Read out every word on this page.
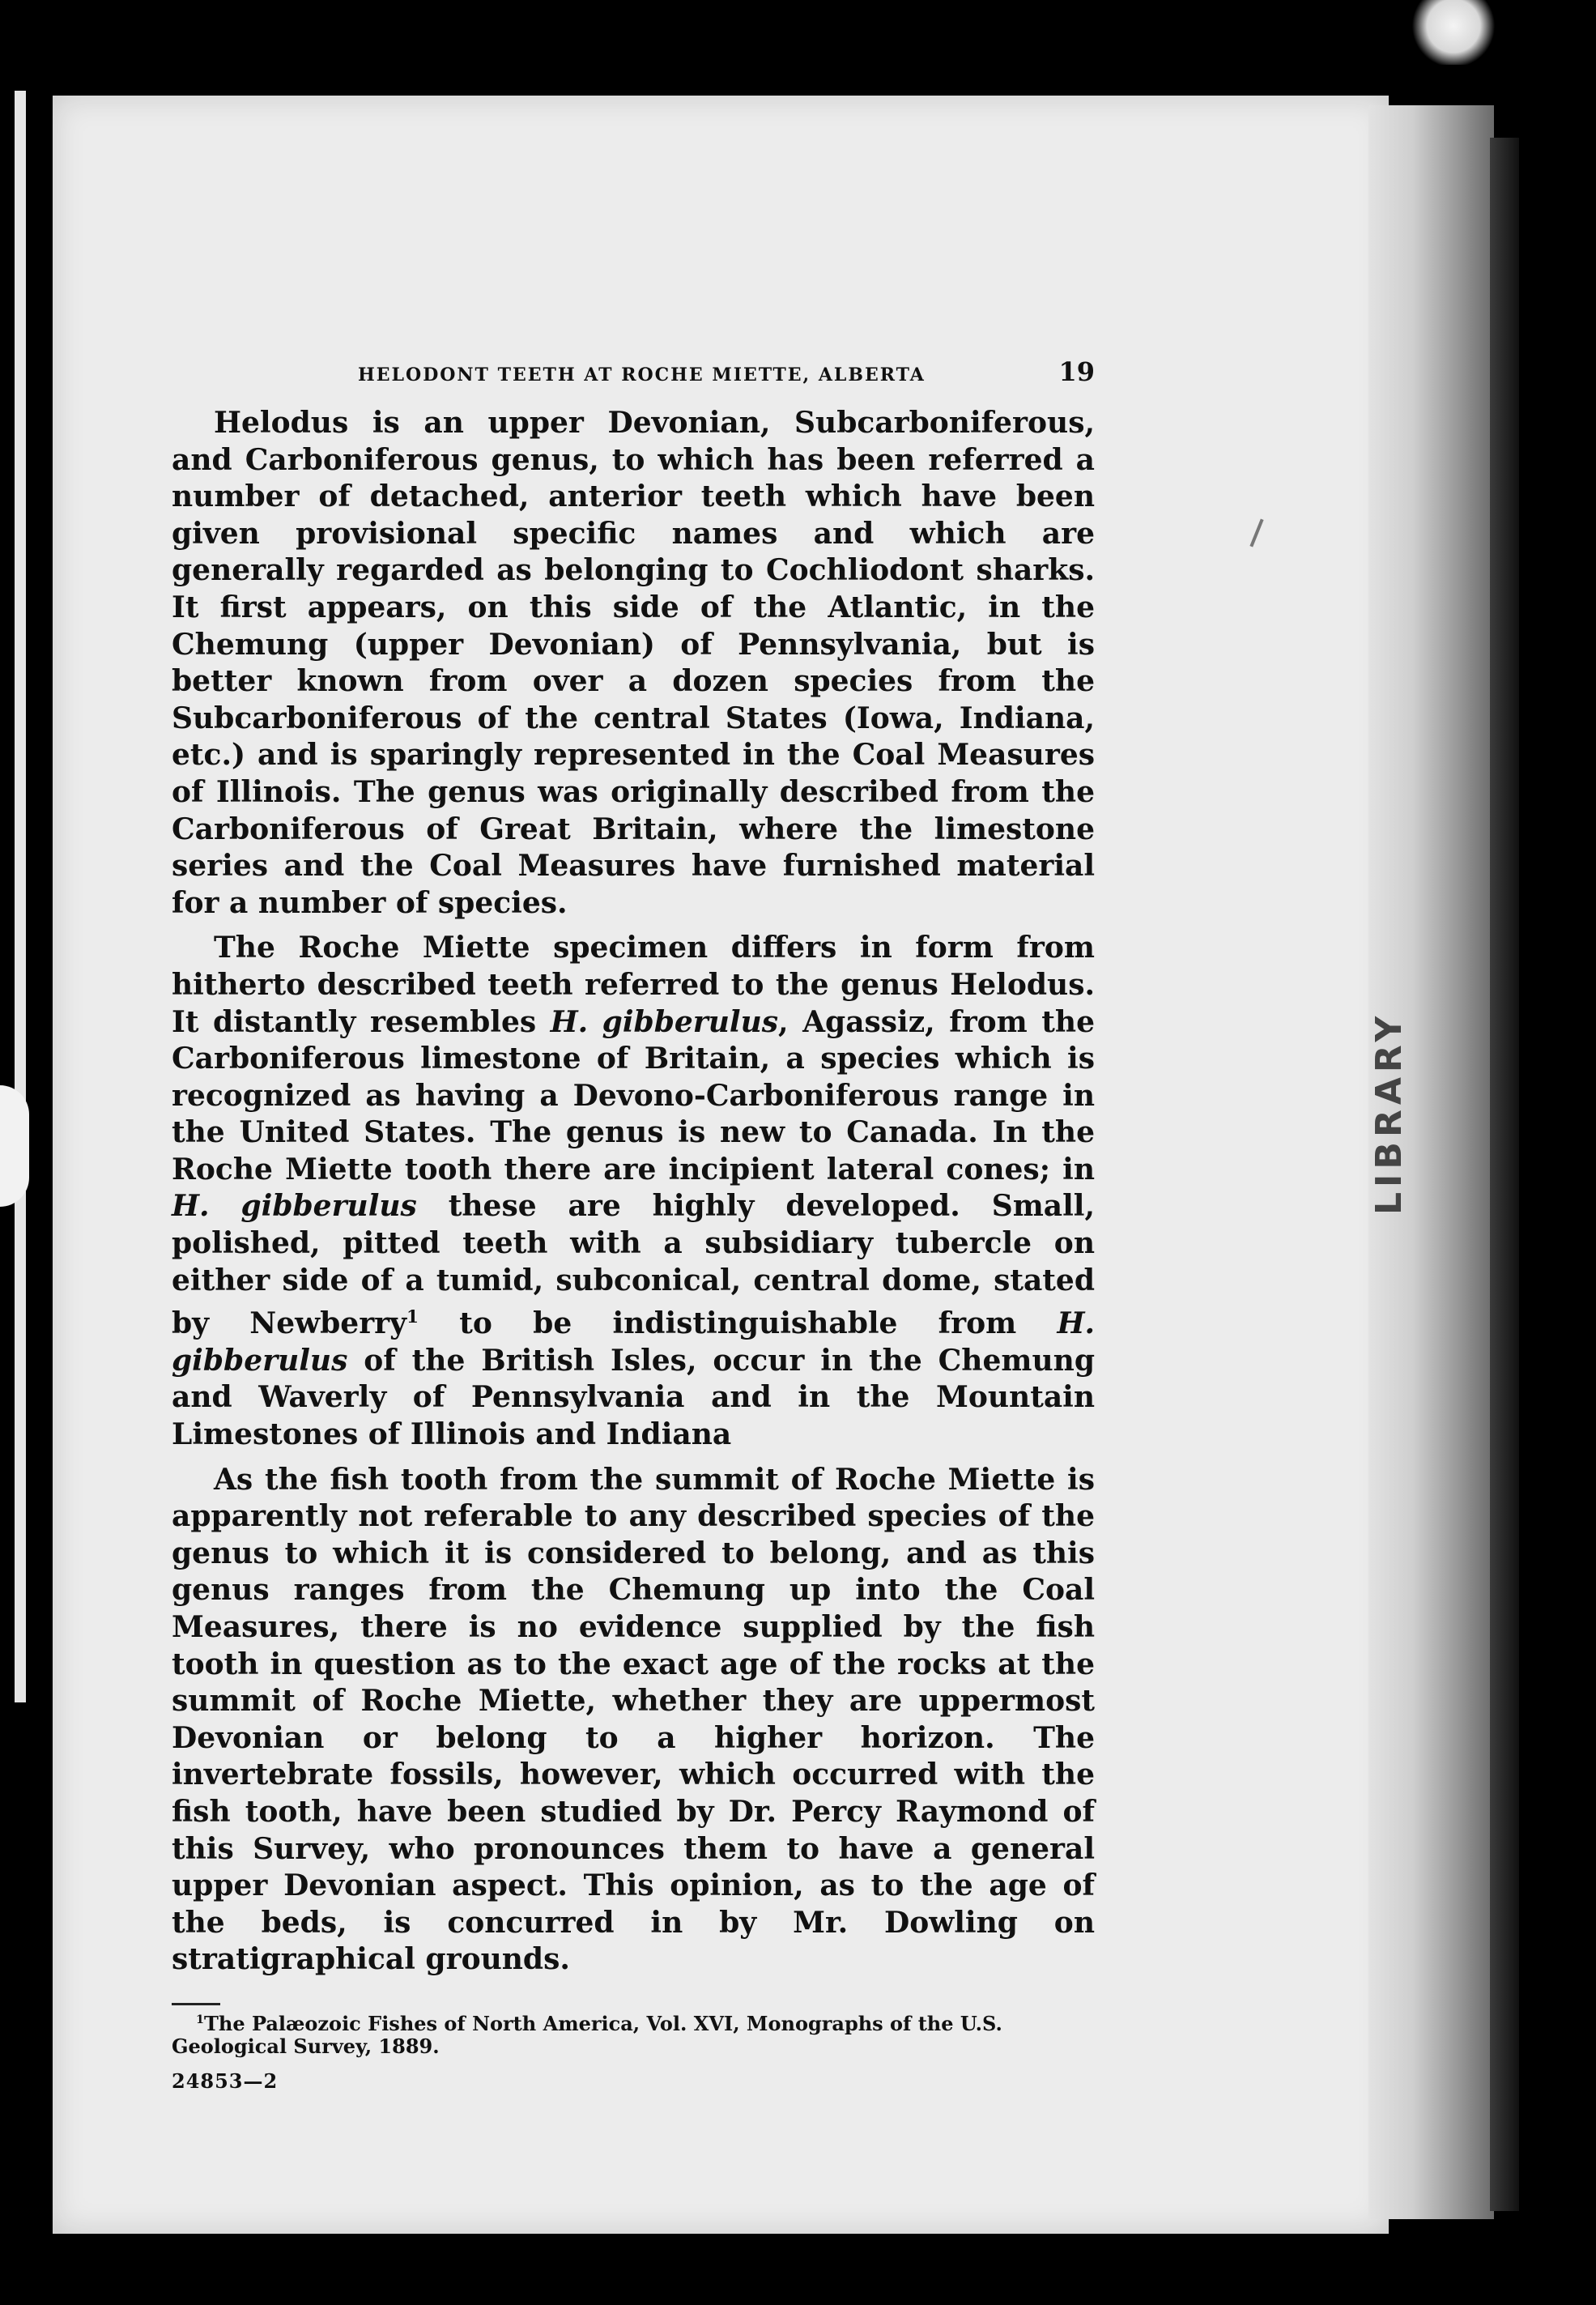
LIBRARY
HELODONT TEETH AT ROCHE MIETTE, ALBERTA	19

Helodus is an upper Devonian, Subcarboniferous, and Carboniferous genus, to which has been referred a number of detached, anterior teeth which have been given provisional specific names and which are generally regarded as belonging to Cochliodont sharks. It first appears, on this side of the Atlantic, in the Chemung (upper Devonian) of Pennsylvania, but is better known from over a dozen species from the Subcarboniferous of the central States (Iowa, Indiana, etc.) and is sparingly represented in the Coal Measures of Illinois. The genus was originally described from the Carboniferous of Great Britain, where the limestone series and the Coal Measures have furnished material for a number of species.

The Roche Miette specimen differs in form from hitherto described teeth referred to the genus Helodus. It distantly resembles H. gibberulus, Agassiz, from the Carboniferous limestone of Britain, a species which is recognized as having a Devono-Carboniferous range in the United States. The genus is new to Canada. In the Roche Miette tooth there are incipient lateral cones; in H. gibberulus these are highly developed. Small, polished, pitted teeth with a subsidiary tubercle on either side of a tumid, subconical, central dome, stated by Newberry$^1$ to be indistinguishable from H. gibberulus of the British Isles, occur in the Chemung and Waverly of Pennsylvania and in the Mountain Limestones of Illinois and Indiana

As the fish tooth from the summit of Roche Miette is apparently not referable to any described species of the genus to which it is considered to belong, and as this genus ranges from the Chemung up into the Coal Measures, there is no evidence supplied by the fish tooth in question as to the exact age of the rocks at the summit of Roche Miette, whether they are uppermost Devonian or belong to a higher horizon. The invertebrate fossils, however, which occurred with the fish tooth, have been studied by Dr. Percy Raymond of this Survey, who pronounces them to have a general upper Devonian aspect. This opinion, as to the age of the beds, is concurred in by Mr. Dowling on stratigraphical grounds.

$^1$The Palæozoic Fishes of North America, Vol. XVI, Monographs of the U.S. Geological Survey, 1889.

24853—2
